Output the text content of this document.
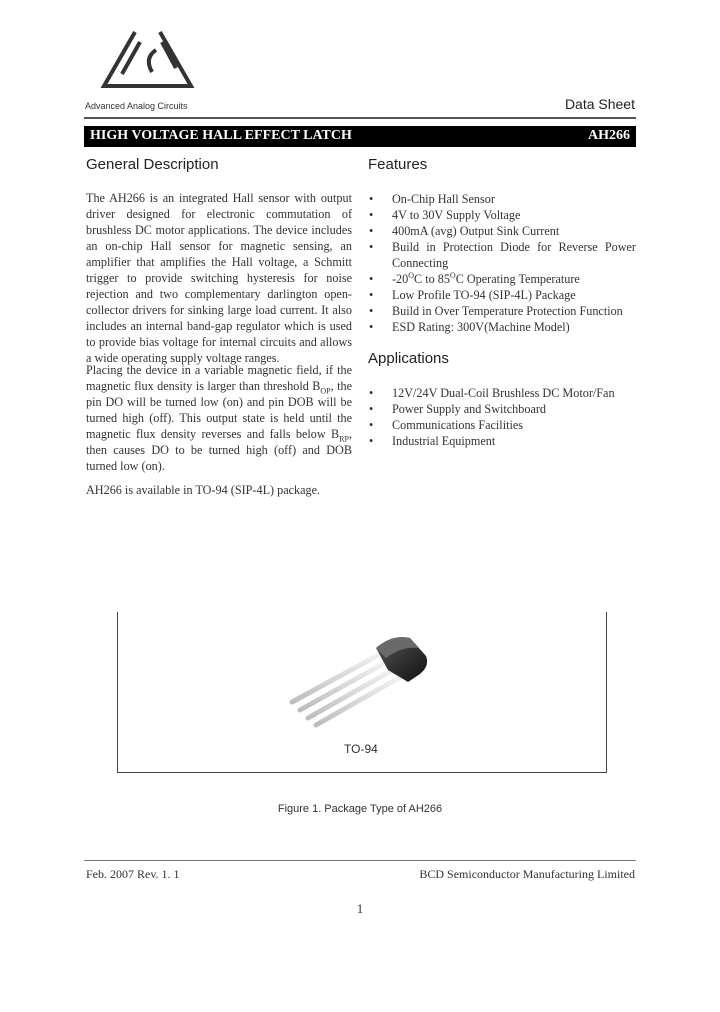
Advanced Analog Circuits	Data Sheet
HIGH VOLTAGE HALL EFFECT LATCH	AH266
General Description
The AH266 is an integrated Hall sensor with output driver designed for electronic commutation of brushless DC motor applications. The device includes an on-chip Hall sensor for magnetic sensing, an amplifier that amplifies the Hall voltage, a Schmitt trigger to provide switching hysteresis for noise rejection and two complementary darlington open-collector drivers for sinking large load current. It also includes an internal band-gap regulator which is used to provide bias voltage for internal circuits and allows a wide operating supply voltage ranges.
Placing the device in a variable magnetic field, if the magnetic flux density is larger than threshold $B_{OP}$, the pin DO will be turned low (on) and pin DOB will be turned high (off). This output state is held until the magnetic flux density reverses and falls below $B_{RP}$, then causes DO to be turned high (off) and DOB turned low (on).
AH266 is available in TO-94 (SIP-4L) package.
Features
• On-Chip Hall Sensor
• 4V to 30V Supply Voltage
• 400mA (avg) Output Sink Current
• Build in Protection Diode for Reverse Power Connecting
• $-20^OC$ to $85^OC$ Operating Temperature
• Low Profile TO-94 (SIP-4L) Package
• Build in Over Temperature Protection Function
• ESD Rating: 300V(Machine Model)
Applications
• 12V/24V Dual-Coil Brushless DC Motor/Fan
• Power Supply and Switchboard
• Communications Facilities
• Industrial Equipment
TO-94
Figure 1. Package Type of AH266
Feb. 2007 Rev. 1. 1	BCD Semiconductor Manufacturing Limited
1
